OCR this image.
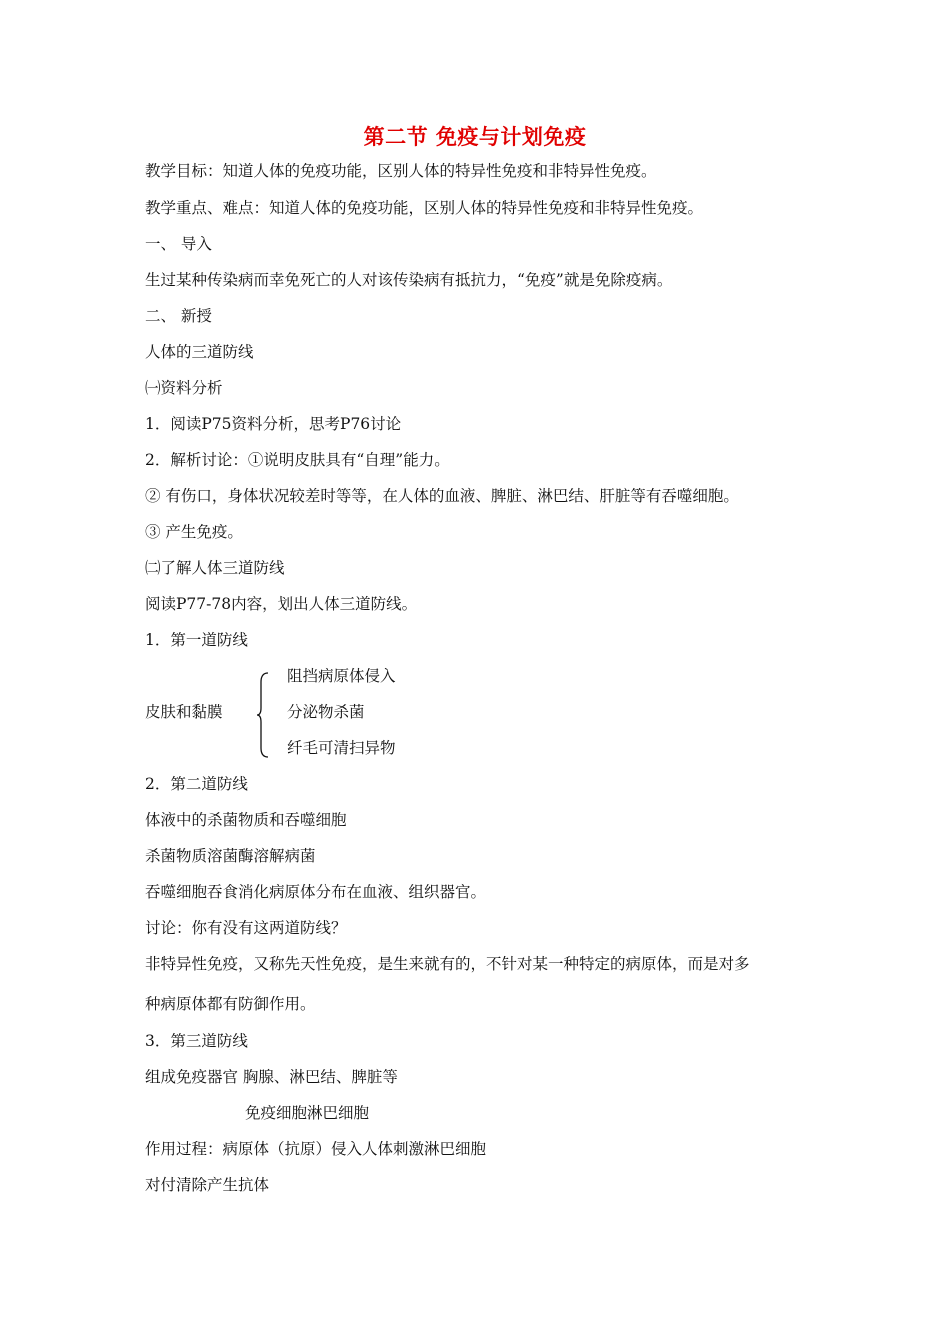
第二节 免疫与计划免疫
教学目标：知道人体的免疫功能，区别人体的特异性免疫和非特异性免疫。
教学重点、难点：知道人体的免疫功能，区别人体的特异性免疫和非特异性免疫。
一、 导入
生过某种传染病而幸免死亡的人对该传染病有抵抗力，“免疫”就是免除疫病。
二、 新授
人体的三道防线
㈠资料分析
1．阅读P75资料分析，思考P76讨论
2．解析讨论：①说明皮肤具有“自理”能力。
② 有伤口，身体状况较差时等等，在人体的血液、脾脏、淋巴结、肝脏等有吞噬细胞。
③ 产生免疫。
㈡了解人体三道防线
阅读P77-78内容，划出人体三道防线。
1．第一道防线
皮肤和黏膜
阻挡病原体侵入
分泌物杀菌
纤毛可清扫异物
2．第二道防线
体液中的杀菌物质和吞噬细胞
杀菌物质溶菌酶溶解病菌
吞噬细胞吞食消化病原体分布在血液、组织器官。
讨论：你有没有这两道防线？
非特异性免疫，又称先天性免疫，是生来就有的，不针对某一种特定的病原体，而是对多
种病原体都有防御作用。
3．第三道防线
组成免疫器官 胸腺、淋巴结、脾脏等
免疫细胞淋巴细胞
作用过程：病原体（抗原）侵入人体刺激淋巴细胞
对付清除产生抗体
